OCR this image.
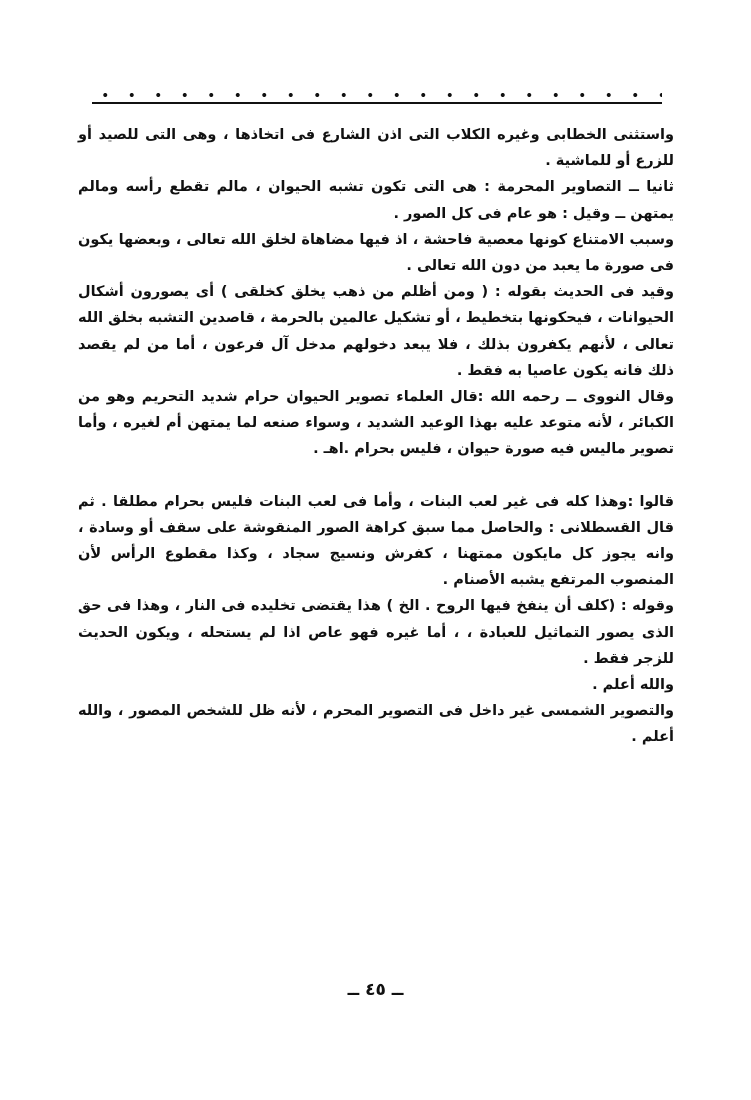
واستثنى الخطابى وغيره الكلاب التى اذن الشارع فى اتخاذها ، وهى التى للصيد أو للزرع أو للماشية .

ثانيا ــ التصاوير المحرمة : هى التى تكون تشبه الحيوان ، مالم تقطع رأسه ومالم يمتهن ــ وقيل : هو عام فى كل الصور .

وسبب الامتناع كونها معصية فاحشة ، اذ فيها مضاهاة لخلق الله تعالى ، وبعضها يكون فى صورة ما يعبد من دون الله تعالى .

وقيد فى الحديث بقوله : ( ومن أظلم من ذهب يخلق كخلقى ) أى يصورون أشكال الحيوانات ، فيحكونها بتخطيط ، أو تشكيل عالمين بالحرمة ، قاصدين التشبه بخلق الله تعالى ، لأنهم يكفرون بذلك ، فلا يبعد دخولهم مدخل آل فرعون ، أما من لم يقصد ذلك فانه يكون عاصيا به فقط .

وقال النووى ــ رحمه الله :قال العلماء تصوير الحيوان حرام شديد التحريم وهو من الكبائر ، لأنه متوعد عليه بهذا الوعيد الشديد ، وسواء صنعه لما يمتهن أم لغيره ، وأما تصوير ماليس فيه صورة حيوان ، فليس بحرام .اهـ .

قالوا :وهذا كله فى غير لعب البنات ، وأما فى لعب البنات فليس بحرام مطلقا . ثم قال القسطلانى : والحاصل مما سبق كراهة الصور المنقوشة على سقف أو وسادة ، وانه يجوز كل مايكون ممتهنا ، كفرش ونسيج سجاد ، وكذا مقطوع الرأس لأن المنصوب المرتفع يشبه الأصنام .

وقوله : (كلف أن ينفخ فيها الروح . الخ ) هذا يقتضى تخليده فى النار ، وهذا فى حق الذى يصور التماثيل للعبادة ، ، أما غيره فهو عاص اذا لم يستحله ، ويكون الحديث للزجر فقط .

والله أعلم .

والتصوير الشمسى غير داخل فى التصوير المحرم ، لأنه ظل للشخص المصور ، والله أعلم .

ــ ٤٥ ــ
